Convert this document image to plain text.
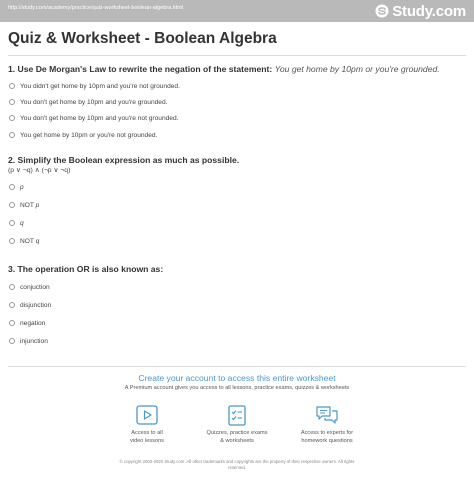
http://study.com/academy/practice/quiz-worksheet-boolean-algebra.html	Study.com
Quiz & Worksheet - Boolean Algebra
1. Use De Morgan's Law to rewrite the negation of the statement: You get home by 10pm or you're grounded.
You didn't get home by 10pm and you're not grounded.
You don't get home by 10pm and you're grounded.
You don't get home by 10pm and you're not grounded.
You get home by 10pm or you're not grounded.
2. Simplify the Boolean expression as much as possible.
(p ∨ ¬q) ∧ (¬p ∨ ¬q)
p
NOT p
q
NOT q
3. The operation OR is also known as:
conjuction
disjunction
negation
injunction
Create your account to access this entire worksheet
A Premium account gives you access to all lessons, practice exams, quizzes & worksheets
Access to all
video lessons
Quizzes, practice exams
& worksheets
Access to experts for
homework questions
© copyright 2003-2020 Study.com. All other trademarks and copyrights are the property of their respective owners. All rights
reserved.
